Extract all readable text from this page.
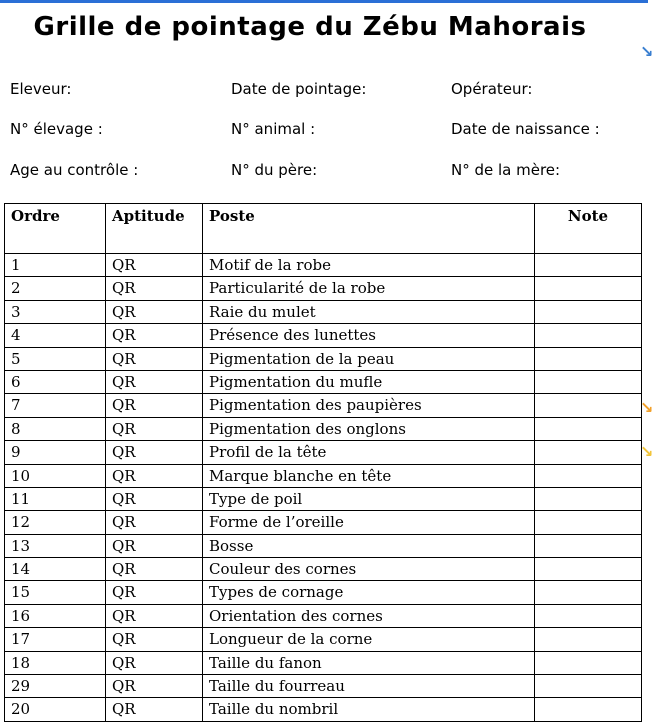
Grille de pointage du Zébu Mahorais
Eleveur:	Date de pointage:	Opérateur:
N° élevage :	N° animal :	Date de naissance :
Age au contrôle :	N° du père:	N° de la mère:
↘
↘
↘
Ordre	Aptitude	Poste	Note
1	QR	Motif de la robe	
2	QR	Particularité de la robe	
3	QR	Raie du mulet	
4	QR	Présence des lunettes	
5	QR	Pigmentation de la peau	
6	QR	Pigmentation du mufle	
7	QR	Pigmentation des paupières	
8	QR	Pigmentation des onglons	
9	QR	Profil de la tête	
10	QR	Marque blanche en tête	
11	QR	Type de poil	
12	QR	Forme de l’oreille	
13	QR	Bosse	
14	QR	Couleur des cornes	
15	QR	Types de cornage	
16	QR	Orientation des cornes	
17	QR	Longueur de la corne	
18	QR	Taille du fanon	
29	QR	Taille du fourreau	
20	QR	Taille du nombril	
